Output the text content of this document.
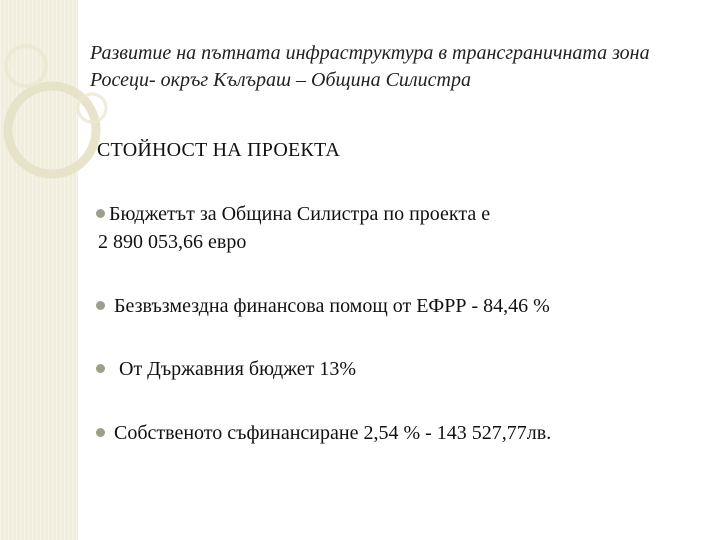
Развитие на пътната инфраструктура в трансграничната зона Росеци- окръг Кълъраш – Община Силистра
СТОЙНОСТ НА ПРОЕКТА
Бюджетът за Община Силистра по проекта е
2 890 053,66 евро
Безвъзмездна финансова помощ от ЕФРР - 84,46 %
От Държавния бюджет 13%
Собственото съфинансиране 2,54 % - 143 527,77лв.
